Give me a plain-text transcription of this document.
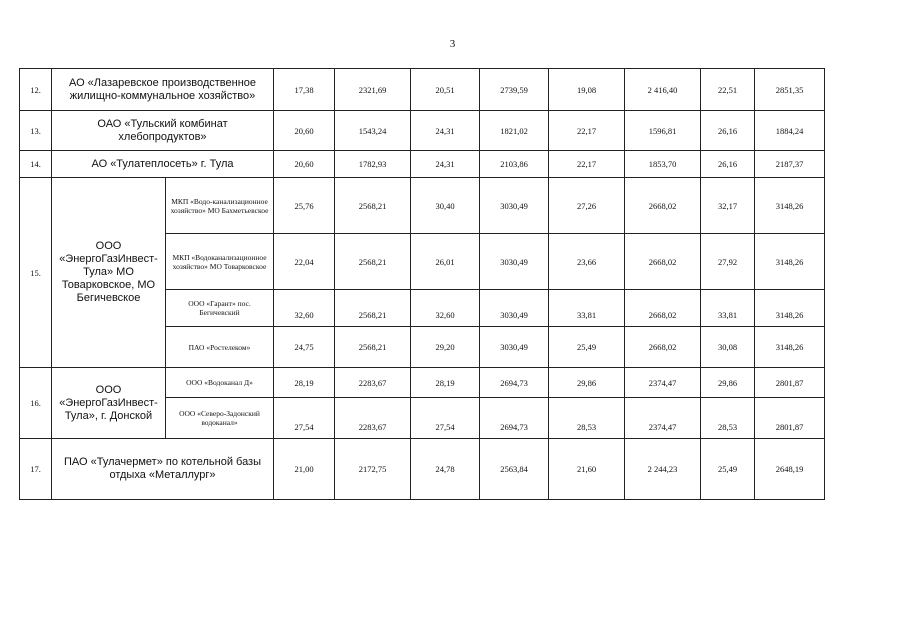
3
12.	АО «Лазаревское производственное жилищно-коммунальное хозяйство»		17,38	2321,69	20,51	2739,59	19,08	2 416,40	22,51	2851,35
13.	ОАО «Тульский комбинат хлебопродуктов»		20,60	1543,24	24,31	1821,02	22,17	1596,81	26,16	1884,24
14.	АО «Тулатеплосеть» г. Тула		20,60	1782,93	24,31	2103,86	22,17	1853,70	26,16	2187,37
15.	ООО «ЭнергоГазИнвест-Тула» МО Товарковское, МО Бегичевское	МКП «Водо-канализационное хозяйство» МО Бахметьевское	25,76	2568,21	30,40	3030,49	27,26	2668,02	32,17	3148,26
		МКП «Водоканализационное хозяйство» МО Товарковское	22,04	2568,21	26,01	3030,49	23,66	2668,02	27,92	3148,26
		ООО «Гарант» пос. Бегичевский	32,60	2568,21	32,60	3030,49	33,81	2668,02	33,81	3148,26
		ПАО «Ростелеком»	24,75	2568,21	29,20	3030,49	25,49	2668,02	30,08	3148,26
16.	ООО «ЭнергоГазИнвест-Тула», г. Донской	ООО «Водоканал Д»	28,19	2283,67	28,19	2694,73	29,86	2374,47	29,86	2801,87
		ООО «Северо-Задонский водоканал»	27,54	2283,67	27,54	2694,73	28,53	2374,47	28,53	2801,87
17.	ПАО «Тулачермет» по котельной базы отдыха «Металлург»		21,00	2172,75	24,78	2563,84	21,60	2 244,23	25,49	2648,19
